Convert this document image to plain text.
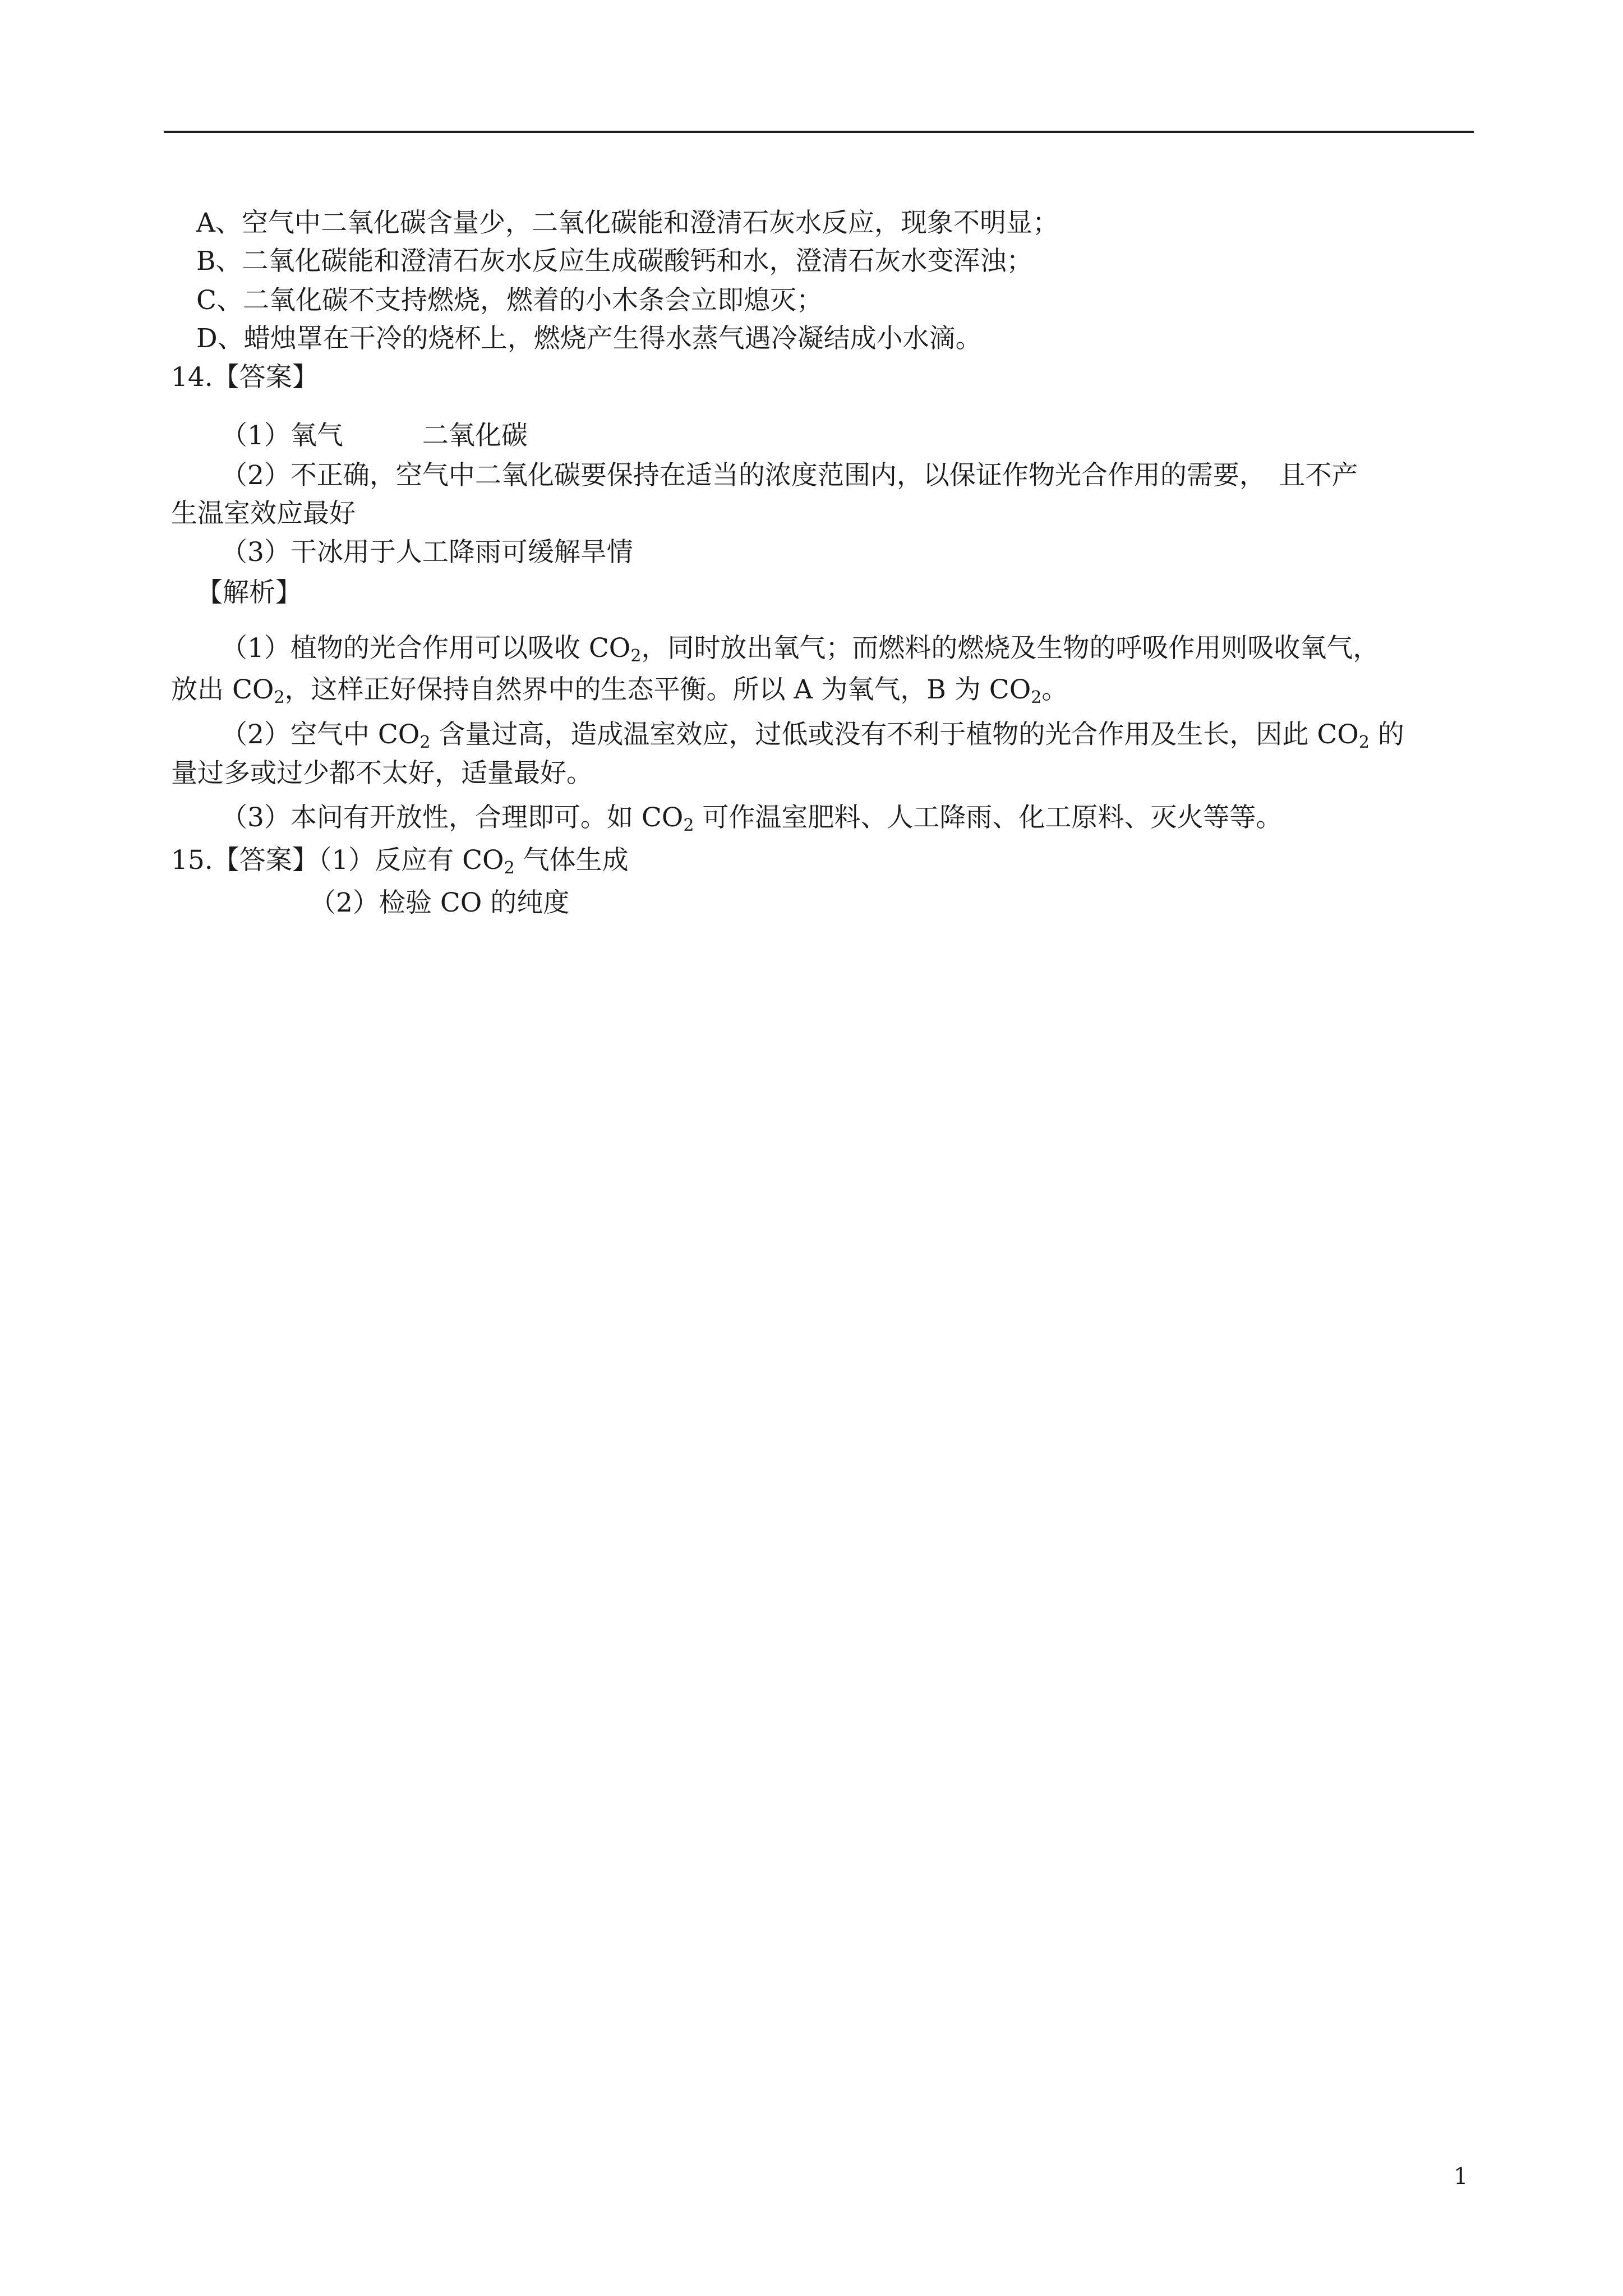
A、空气中二氧化碳含量少，二氧化碳能和澄清石灰水反应，现象不明显；
B、二氧化碳能和澄清石灰水反应生成碳酸钙和水，澄清石灰水变浑浊；
C、二氧化碳不支持燃烧，燃着的小木条会立即熄灭；
D、蜡烛罩在干冷的烧杯上，燃烧产生得水蒸气遇冷凝结成小水滴。
14.【答案】
（1）氧气　　　二氧化碳
（2）不正确，空气中二氧化碳要保持在适当的浓度范围内，以保证作物光合作用的需要，　且不产
生温室效应最好
（3）干冰用于人工降雨可缓解旱情
【解析】
（1）植物的光合作用可以吸收 $CO_2$，同时放出氧气；而燃料的燃烧及生物的呼吸作用则吸收氧气，
放出 $CO_2$，这样正好保持自然界中的生态平衡。所以 A 为氧气，B 为 $CO_2$。
（2）空气中 $CO_2$ 含量过高，造成温室效应，过低或没有不利于植物的光合作用及生长，因此 $CO_2$ 的
量过多或过少都不太好，适量最好。
（3）本问有开放性，合理即可。如 $CO_2$ 可作温室肥料、人工降雨、化工原料、灭火等等。
15.【答案】（1）反应有 $CO_2$ 气体生成
（2）检验 CO 的纯度
1
